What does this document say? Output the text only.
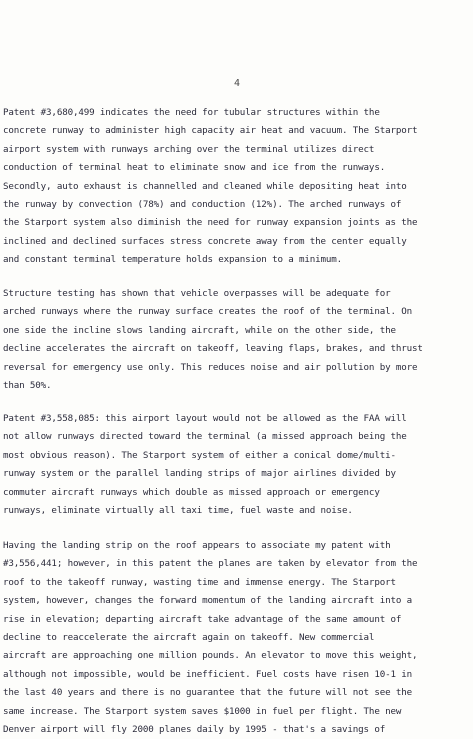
4

Patent #3,680,499 indicates the need for tubular structures within the
concrete runway to administer high capacity air heat and vacuum. The Starport
airport system with runways arching over the terminal utilizes direct
conduction of terminal heat to eliminate snow and ice from the runways.
Secondly, auto exhaust is channelled and cleaned while depositing heat into
the runway by convection (78%) and conduction (12%). The arched runways of
the Starport system also diminish the need for runway expansion joints as the
inclined and declined surfaces stress concrete away from the center equally
and constant terminal temperature holds expansion to a minimum.

Structure testing has shown that vehicle overpasses will be adequate for
arched runways where the runway surface creates the roof of the terminal. On
one side the incline slows landing aircraft, while on the other side, the
decline accelerates the aircraft on takeoff, leaving flaps, brakes, and thrust
reversal for emergency use only. This reduces noise and air pollution by more
than 50%.

Patent #3,558,085: this airport layout would not be allowed as the FAA will
not allow runways directed toward the terminal (a missed approach being the
most obvious reason). The Starport system of either a conical dome/multi-
runway system or the parallel landing strips of major airlines divided by
commuter aircraft runways which double as missed approach or emergency
runways, eliminate virtually all taxi time, fuel waste and noise.

Having the landing strip on the roof appears to associate my patent with
#3,556,441; however, in this patent the planes are taken by elevator from the
roof to the takeoff runway, wasting time and immense energy. The Starport
system, however, changes the forward momentum of the landing aircraft into a
rise in elevation; departing aircraft take advantage of the same amount of
decline to reaccelerate the aircraft again on takeoff. New commercial
aircraft are approaching one million pounds. An elevator to move this weight,
although not impossible, would be inefficient. Fuel costs have risen 10-1 in
the last 40 years and there is no guarantee that the future will not see the
same increase. The Starport system saves $1000 in fuel per flight. The new
Denver airport will fly 2000 planes daily by 1995 - that's a savings of
